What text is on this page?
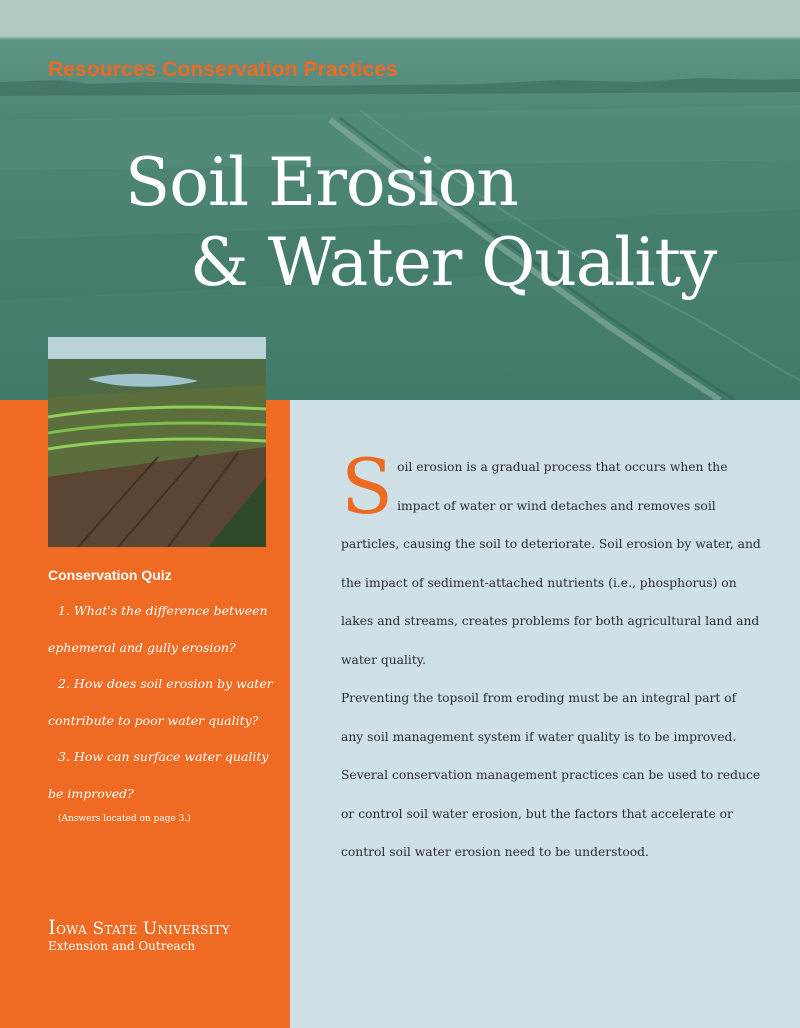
Resources Conservation Practices
Soil Erosion
& Water Quality
Conservation Quiz
1. What's the difference between ephemeral and gully erosion?
2. How does soil erosion by water contribute to poor water quality?
3. How can surface water quality be improved?

(Answers located on page 3.)

Iowa State University
Extension and Outreach

Soil erosion is a gradual process that occurs when the impact of water or wind detaches and removes soil particles, causing the soil to deteriorate. Soil erosion by water, and the impact of sediment-attached nutrients (i.e., phosphorus) on lakes and streams, creates problems for both agricultural land and water quality.

Preventing the topsoil from eroding must be an integral part of any soil management system if water quality is to be improved. Several conservation management practices can be used to reduce or control soil water erosion, but the factors that accelerate or control soil water erosion need to be understood.
